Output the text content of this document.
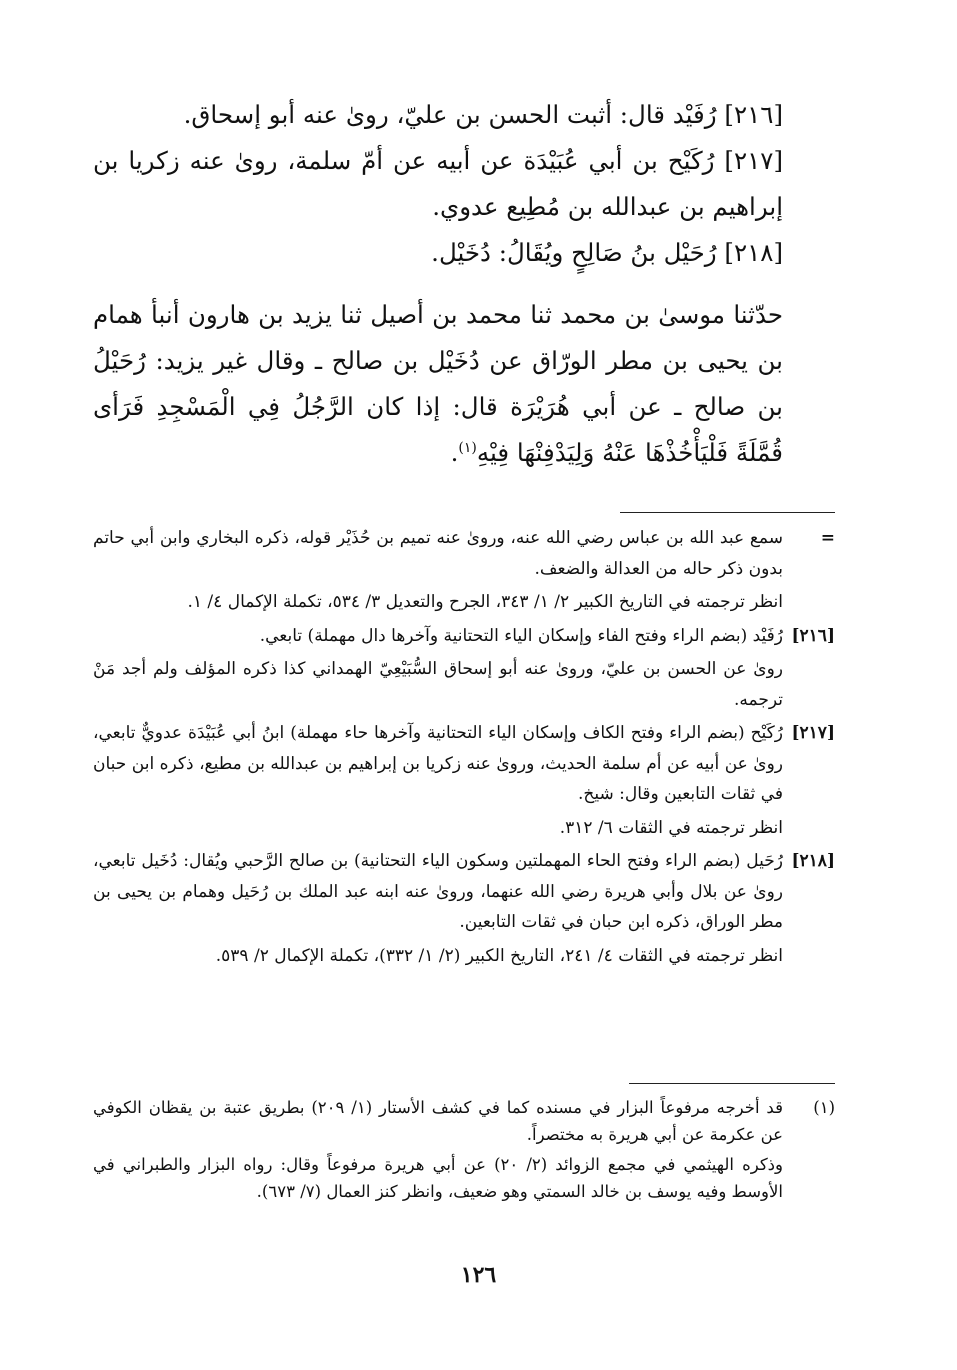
[٢١٦] رُفَيْد قال: أثبت الحسن بن عليّ، روىٰ عنه أبو إسحاق.

[٢١٧] رُكَيْح بن أبي عُبَيْدَة عن أبيه عن أمّ سلمة، روىٰ عنه زكريا بن إبراهيم بن عبدالله بن مُطِيع عدوي.

[٢١٨] رُحَيْل بنُ صَالِحٍ ويُقَالُ: دُخَيْل.

حدّثنا موسىٰ بن محمد ثنا محمد بن أصيل ثنا يزيد بن هارون أنبأ همام بن يحيى بن مطر الورّاق عن دُخَيْل بن صالح ـ وقال غير يزيد: رُحَيْلُ بن صالح ـ عن أبي هُرَيْرَة قال: إذا كان الرَّجُلُ فِي الْمَسْجِدِ فَرَأى قُمَّلَةً فَلْيَأْخُذْهَا عَنْهُ وَلِيَدْفِنْهَا فِيْهِ$^{(١)}$.

=

سمع عبد الله بن عباس رضي الله عنه، وروىٰ عنه تميم بن حُذَيْر قوله، ذكره البخاري وابن أبي حاتم بدون ذكر حاله من العدالة والضعف.

انظر ترجمته في التاريخ الكبير ٢/ ١/ ٣٤٣، الجرح والتعديل ٣/ ٥٣٤، تكملة الإكمال ٤/ ١.

[٢١٦]

رُفَيْد (بضم الراء وفتح الفاء وإسكان الياء التحتانية وآخرها دال مهملة) تابعي.

روىٰ عن الحسن بن عليّ، وروىٰ عنه أبو إسحاق السُّبَيْعِيّ الهمداني كذا ذكره المؤلف ولم أجد مَنْ ترجمه.

[٢١٧]

رُكَيْح (بضم الراء وفتح الكاف وإسكان الياء التحتانية وآخرها حاء مهملة) ابنُ أبي عُبَيْدَة عدويٌّ تابعي، روىٰ عن أبيه عن أم سلمة الحديث، وروىٰ عنه زكريا بن إبراهيم بن عبدالله بن مطيع، ذكره ابن حبان في ثقات التابعين وقال: شيخ.

انظر ترجمته في الثقات ٦/ ٣١٢.

[٢١٨]

رُحَيل (بضم الراء وفتح الحاء المهملتين وسكون الياء التحتانية) بن صالح الرَّحبي ويُقال: دُخَيل تابعي، روىٰ عن بلال وأبي هريرة رضي الله عنهما، وروىٰ عنه ابنه عبد الملك بن رُحَيل وهمام بن يحيى بن مطر الوراق، ذكره ابن حبان في ثقات التابعين.

انظر ترجمته في الثقات ٤/ ٢٤١، التاريخ الكبير (٢/ ١/ ٣٣٢)، تكملة الإكمال ٢/ ٥٣٩.

(١)

قد أخرجه مرفوعاً البزار في مسنده كما في كشف الأستار (١/ ٢٠٩) بطريق عتبة بن يقظان الكوفي عن عكرمة عن أبي هريرة به مختصراً.

وذكره الهيثمي في مجمع الزوائد (٢/ ٢٠) عن أبي هريرة مرفوعاً وقال: رواه البزار والطبراني في الأوسط وفيه يوسف بن خالد السمتي وهو ضعيف، وانظر كنز العمال (٧/ ٦٧٣).

١٢٦
